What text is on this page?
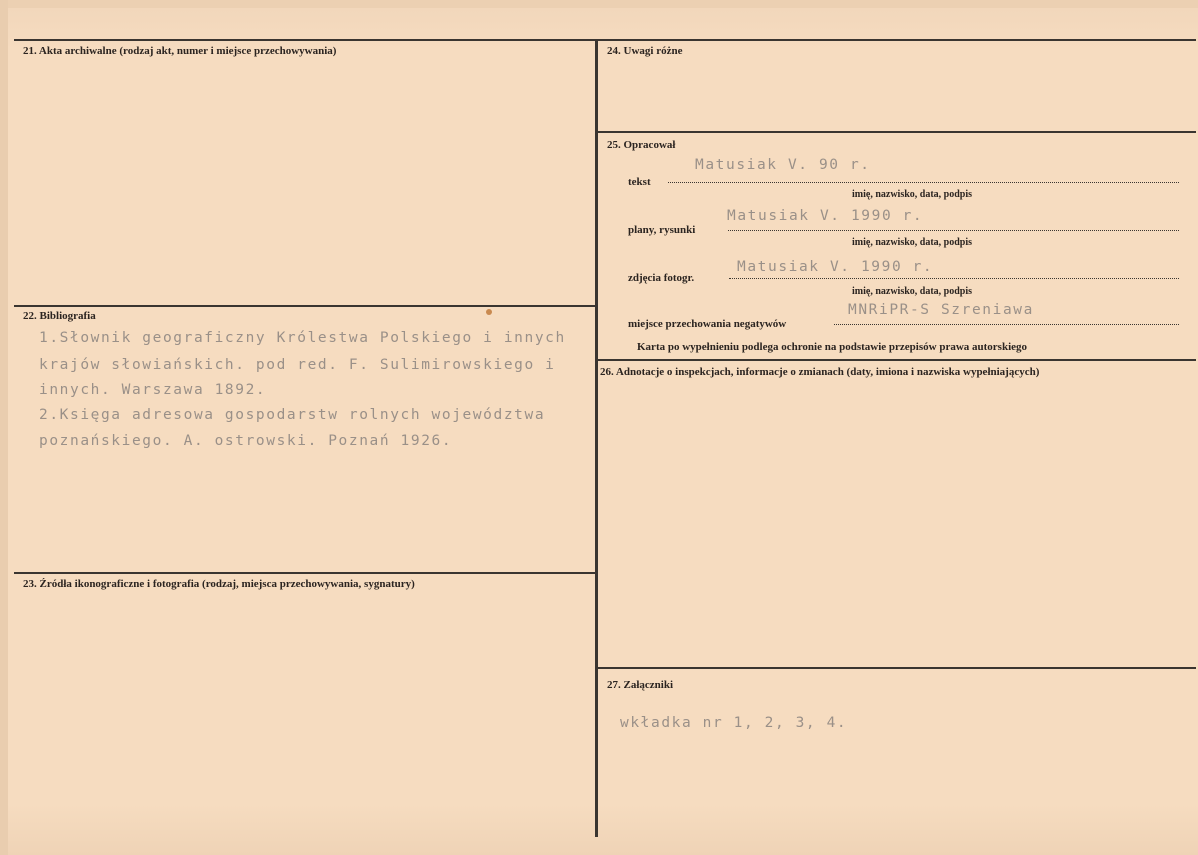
21. Akta archiwalne (rodzaj akt, numer i miejsce przechowywania)
22. Bibliografia
1.Słownik geograficzny Królestwa Polskiego i innych
krajów słowiańskich. pod red. F. Sulimirowskiego i
innych. Warszawa 1892.
2.Księga adresowa gospodarstw rolnych województwa
poznańskiego. A. ostrowski. Poznań 1926.
23. Źródła ikonograficzne i fotografia (rodzaj, miejsca przechowywania, sygnatury)
24. Uwagi różne
25. Opracował
Matusiak V. 90 r.
tekst
imię, nazwisko, data, podpis
Matusiak V. 1990 r.
plany, rysunki
imię, nazwisko, data, podpis
Matusiak V. 1990 r.
zdjęcia fotogr.
imię, nazwisko, data, podpis
MNRiPR-S Szreniawa
miejsce przechowania negatywów
Karta po wypełnieniu podlega ochronie na podstawie przepisów prawa autorskiego
26. Adnotacje o inspekcjach, informacje o zmianach (daty, imiona i nazwiska wypełniających)
27. Załączniki
wkładka nr 1, 2, 3, 4.
